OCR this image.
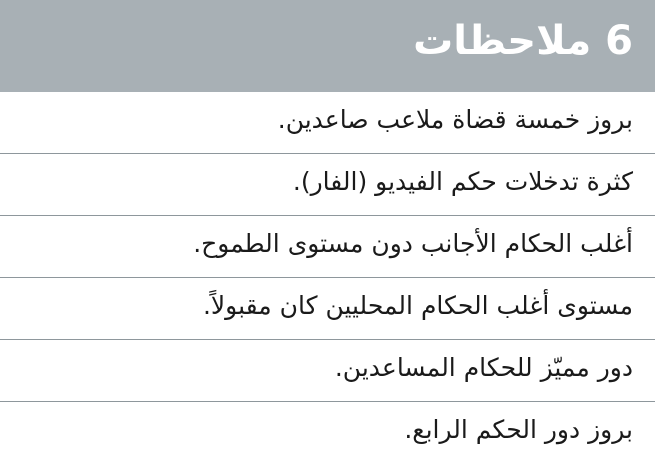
6 ملاحظات
بروز خمسة قضاة ملاعب صاعدين.
كثرة تدخلات حكم الفيديو (الفار).
أغلب الحكام الأجانب دون مستوى الطموح.
مستوى أغلب الحكام المحليين كان مقبولاً.
دور مميّز للحكام المساعدين.
بروز دور الحكم الرابع.
